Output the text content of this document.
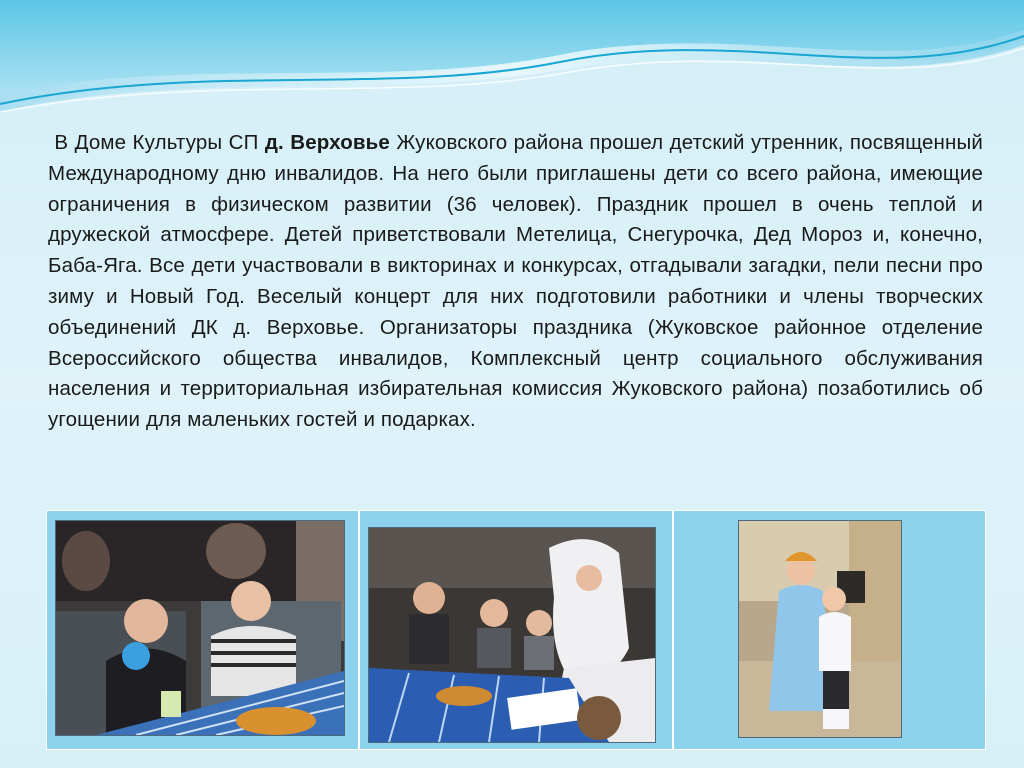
В Доме Культуры СП д. Верховье Жуковского района прошел детский утренник, посвященный Международному дню инвалидов. На него были приглашены дети со всего района, имеющие ограничения в физическом развитии (36 человек). Праздник прошел в очень теплой и дружеской атмосфере. Детей приветствовали Метелица, Снегурочка, Дед Мороз и, конечно, Баба-Яга. Все дети участвовали в викторинах и конкурсах, отгадывали загадки, пели песни про зиму и Новый Год. Веселый концерт для них подготовили работники и члены творческих объединений ДК д. Верховье. Организаторы праздника (Жуковское районное отделение Всероссийского общества инвалидов, Комплексный центр социального обслуживания населения и территориальная избирательная комиссия Жуковского района) позаботились об угощении для маленьких гостей и подарках.
